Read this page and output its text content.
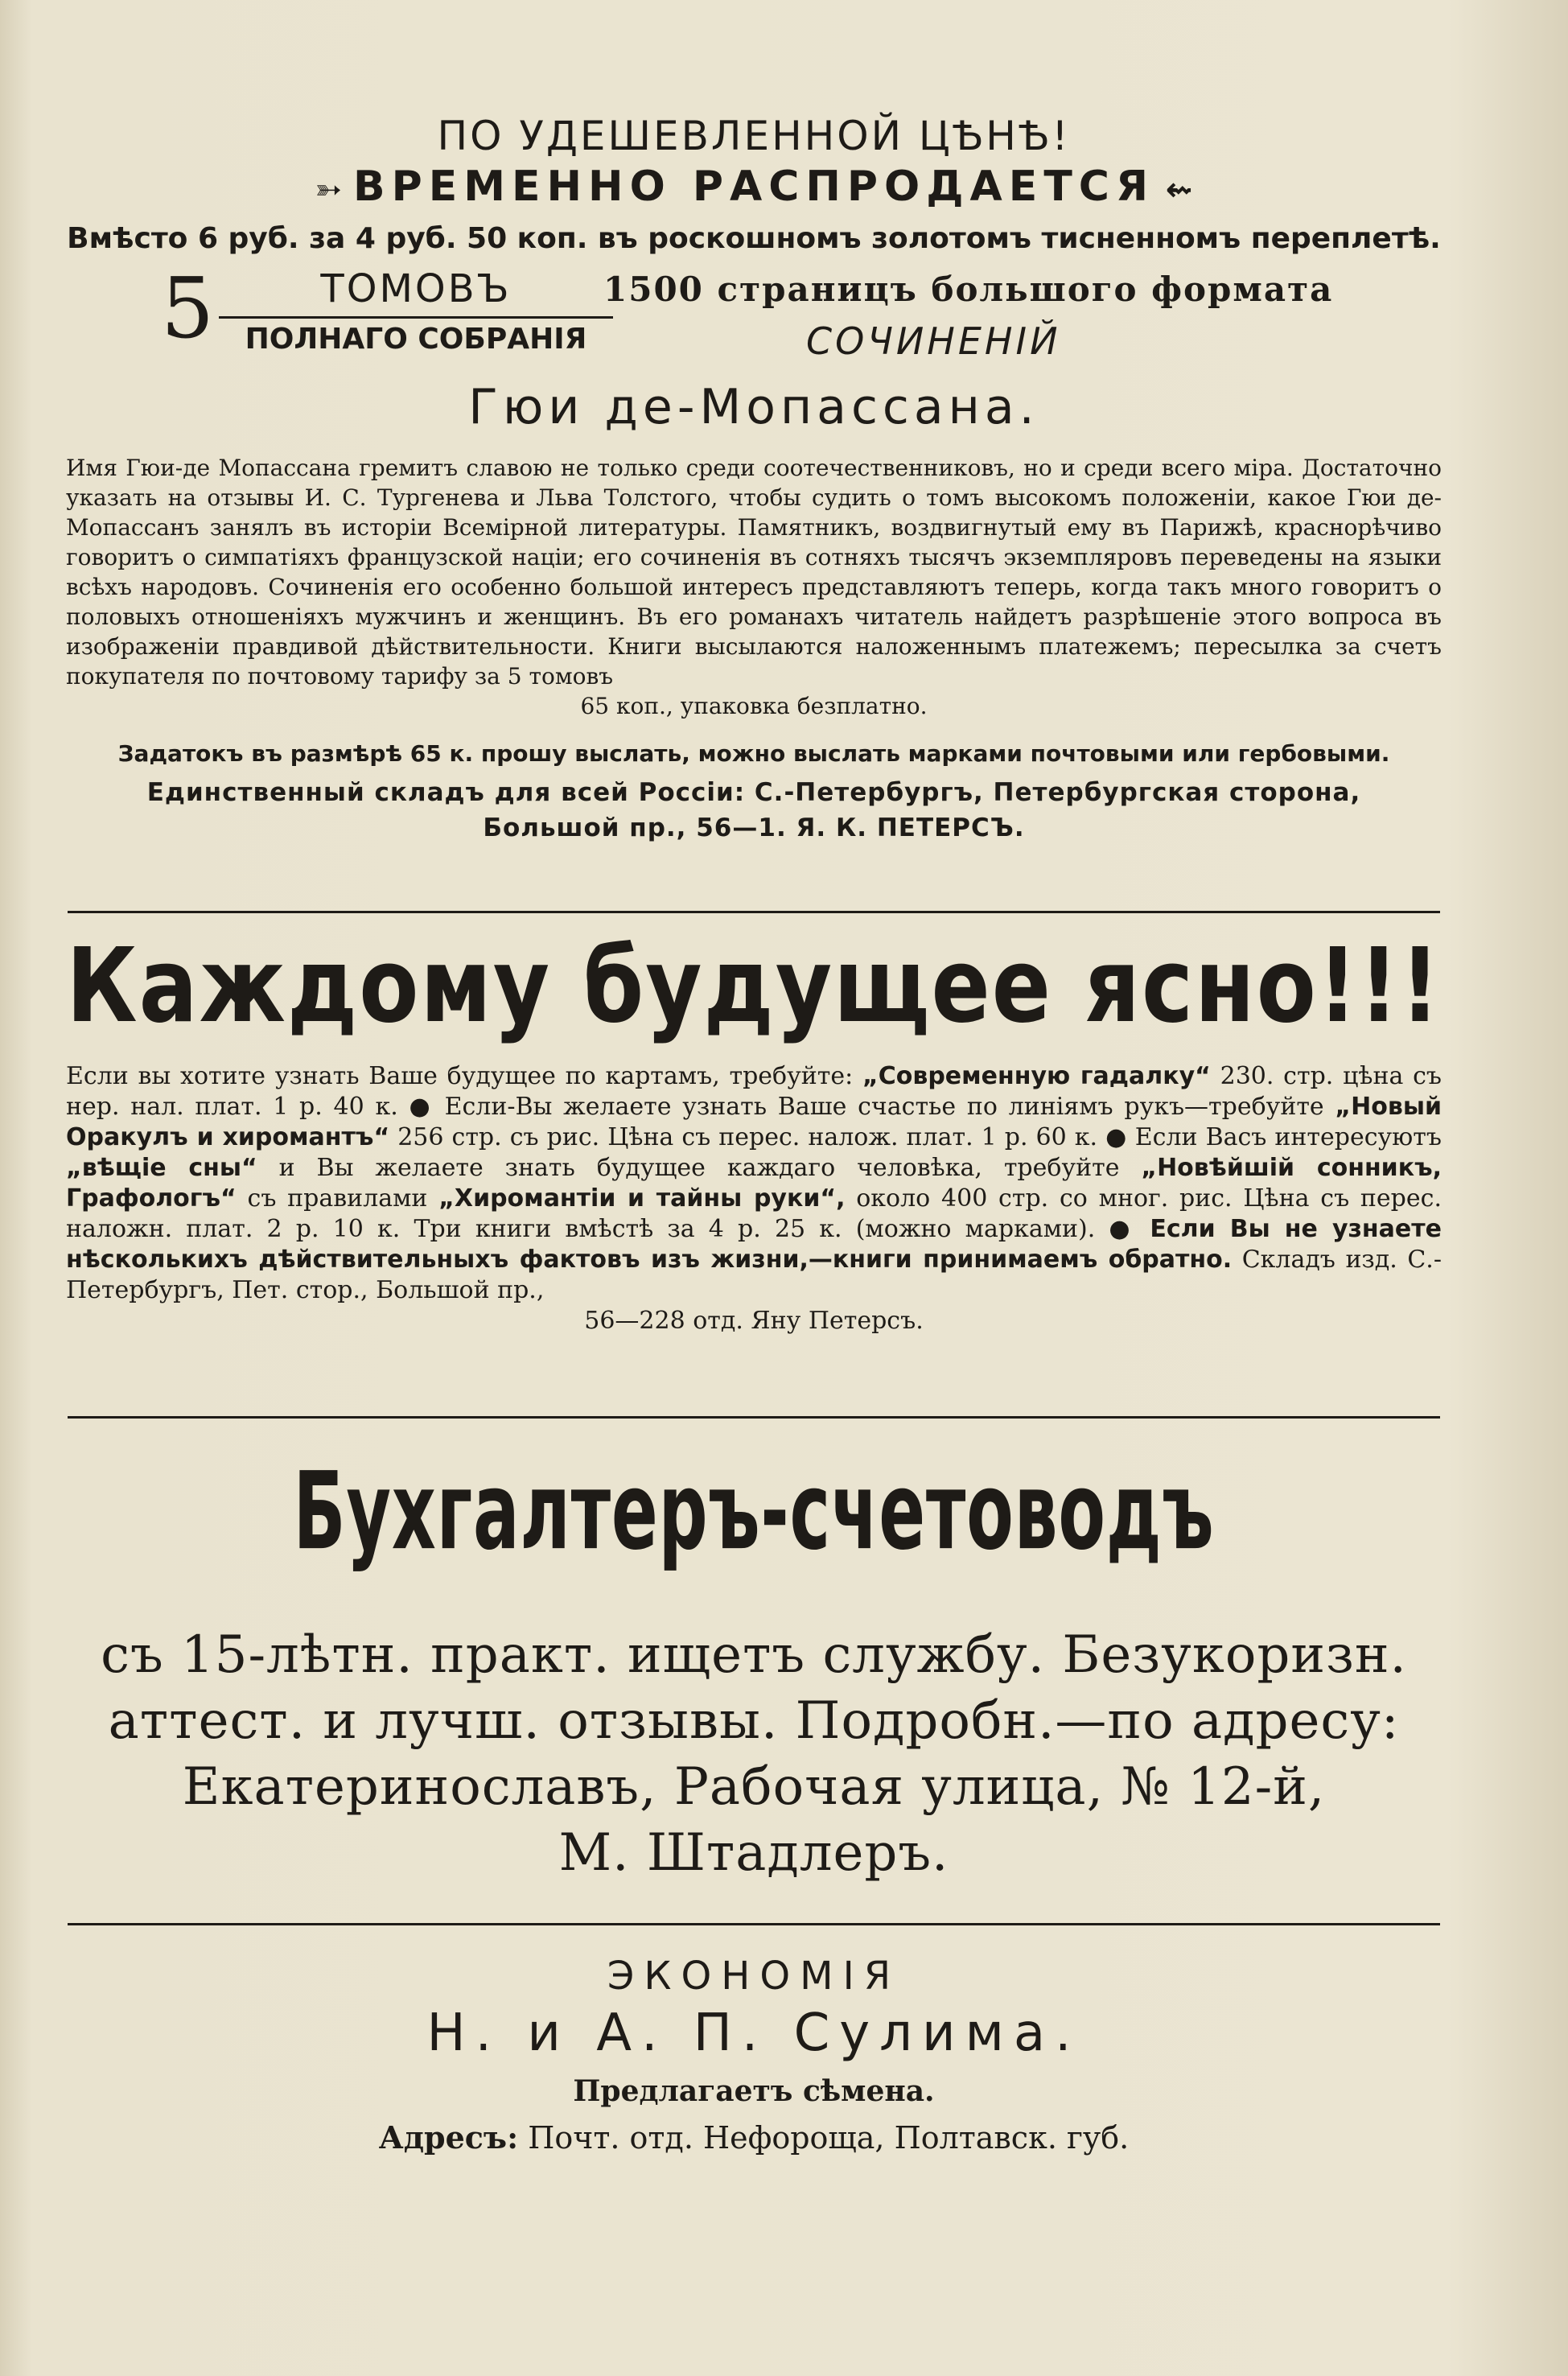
ПО УДЕШЕВЛЕННОЙ ЦѢНѢ!
➳ ВРЕМЕННО РАСПРОДАЕТСЯ ⇜
Вмѣсто 6 руб. за 4 руб. 50 коп. въ роскошномъ золотомъ тисненномъ переплетѣ.
5	ТОМОВЪ
ПОЛНАГО СОБРАНІЯ
1500 страницъ большого формата
СОЧИНЕНІЙ
Гюи де-Мопассана.
Имя Гюи-де Мопассана гремитъ славою не только среди соотечественниковъ, но и среди всего міра. Достаточно указать на отзывы И. С. Тургенева и Льва Толстого, чтобы судить о томъ высокомъ положеніи, какое Гюи де-Мопассанъ занялъ въ исторіи Всемірной литературы. Памятникъ, воздвигнутый ему въ Парижѣ, краснорѣчиво говоритъ о симпатіяхъ французской націи; его сочиненія въ сотняхъ тысячъ экземпляровъ переведены на языки всѣхъ народовъ. Сочиненія его особенно большой интересъ представляютъ теперь, когда такъ много говоритъ о половыхъ отношеніяхъ мужчинъ и женщинъ. Въ его романахъ читатель найдетъ разрѣшеніе этого вопроса въ изображеніи правдивой дѣйствительности. Книги высылаются наложеннымъ платежемъ; пересылка за счетъ покупателя по почтовому тарифу за 5 томовъ
65 коп., упаковка безплатно.
Задатокъ въ размѣрѣ 65 к. прошу выслать, можно выслать марками почтовыми или гербовыми.
Единственный складъ для всей Россіи: С.-Петербургъ, Петербургская сторона,
Большой пр., 56—1. Я. К. ПЕТЕРСЪ.
Каждому будущее ясно!!!
Если вы хотите узнать Ваше будущее по картамъ, требуйте: „Современную гадалку“ 230. стр. цѣна съ нер. нал. плат. 1 р. 40 к. ● Если-Вы желаете узнать Ваше счастье по линіямъ рукъ—требуйте „Новый Оракулъ и хиромантъ“ 256 стр. съ рис. Цѣна съ перес. налож. плат. 1 р. 60 к. ● Если Васъ интересуютъ „вѣщіе сны“ и Вы желаете знать будущее каждаго человѣка, требуйте „Новѣйшій сонникъ, Графологъ“ съ правилами „Хиромантіи и тайны руки“, около 400 стр. со мног. рис. Цѣна съ перес. наложн. плат. 2 р. 10 к. Три книги вмѣстѣ за 4 р. 25 к. (можно марками). ● Если Вы не узнаете нѣсколькихъ дѣйствительныхъ фактовъ изъ жизни,—книги принимаемъ обратно. Складъ изд. С.-Петербургъ, Пет. стор., Большой пр.,
56—228 отд. Яну Петерсъ.
Бухгалтеръ-счетоводъ
съ 15-лѣтн. практ. ищетъ службу. Безукоризн.
аттест. и лучш. отзывы. Подробн.—по адресу:
Екатеринославъ, Рабочая улица, № 12-й,
М. Штадлеръ.
ЭКОНОМІЯ
Н. и А. П. Сулима.
Предлагаетъ сѣмена.
Адресъ: Почт. отд. Нефороща, Полтавск. губ.
